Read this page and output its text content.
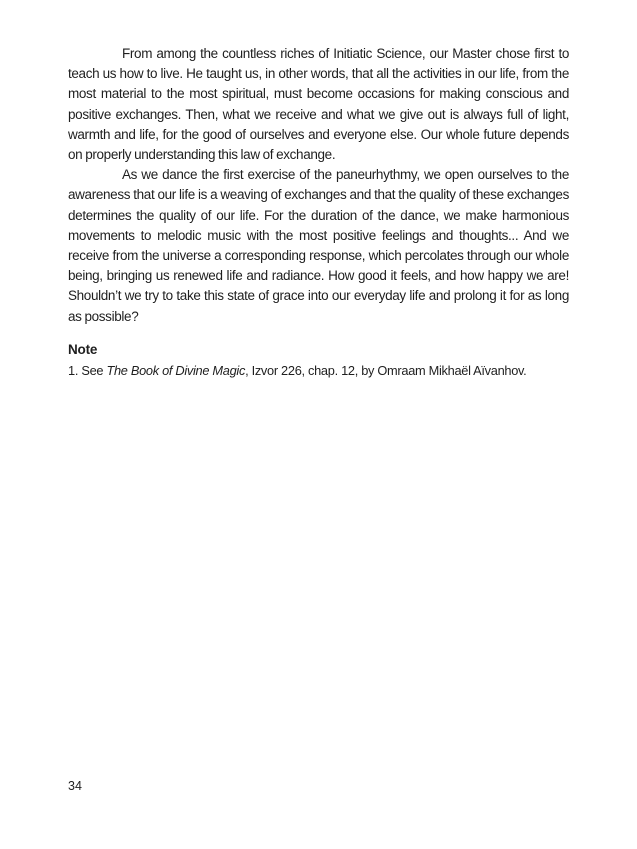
From among the countless riches of Initiatic Science, our Master chose first to teach us how to live. He taught us, in other words, that all the activities in our life, from the most material to the most spiritual, must become occasions for making conscious and positive exchanges. Then, what we receive and what we give out is always full of light, warmth and life, for the good of ourselves and everyone else. Our whole future depends on properly understanding this law of exchange.

As we dance the first exercise of the paneurhythmy, we open ourselves to the awareness that our life is a weaving of exchanges and that the quality of these exchanges determines the quality of our life. For the duration of the dance, we make harmonious movements to melodic music with the most positive feelings and thoughts... And we receive from the universe a corresponding response, which percolates through our whole being, bringing us renewed life and radiance. How good it feels, and how happy we are! Shouldn’t we try to take this state of grace into our everyday life and prolong it for as long as possible?

Note
1. See The Book of Divine Magic, Izvor 226, chap. 12, by Omraam Mikhaël Aïvanhov.
34
